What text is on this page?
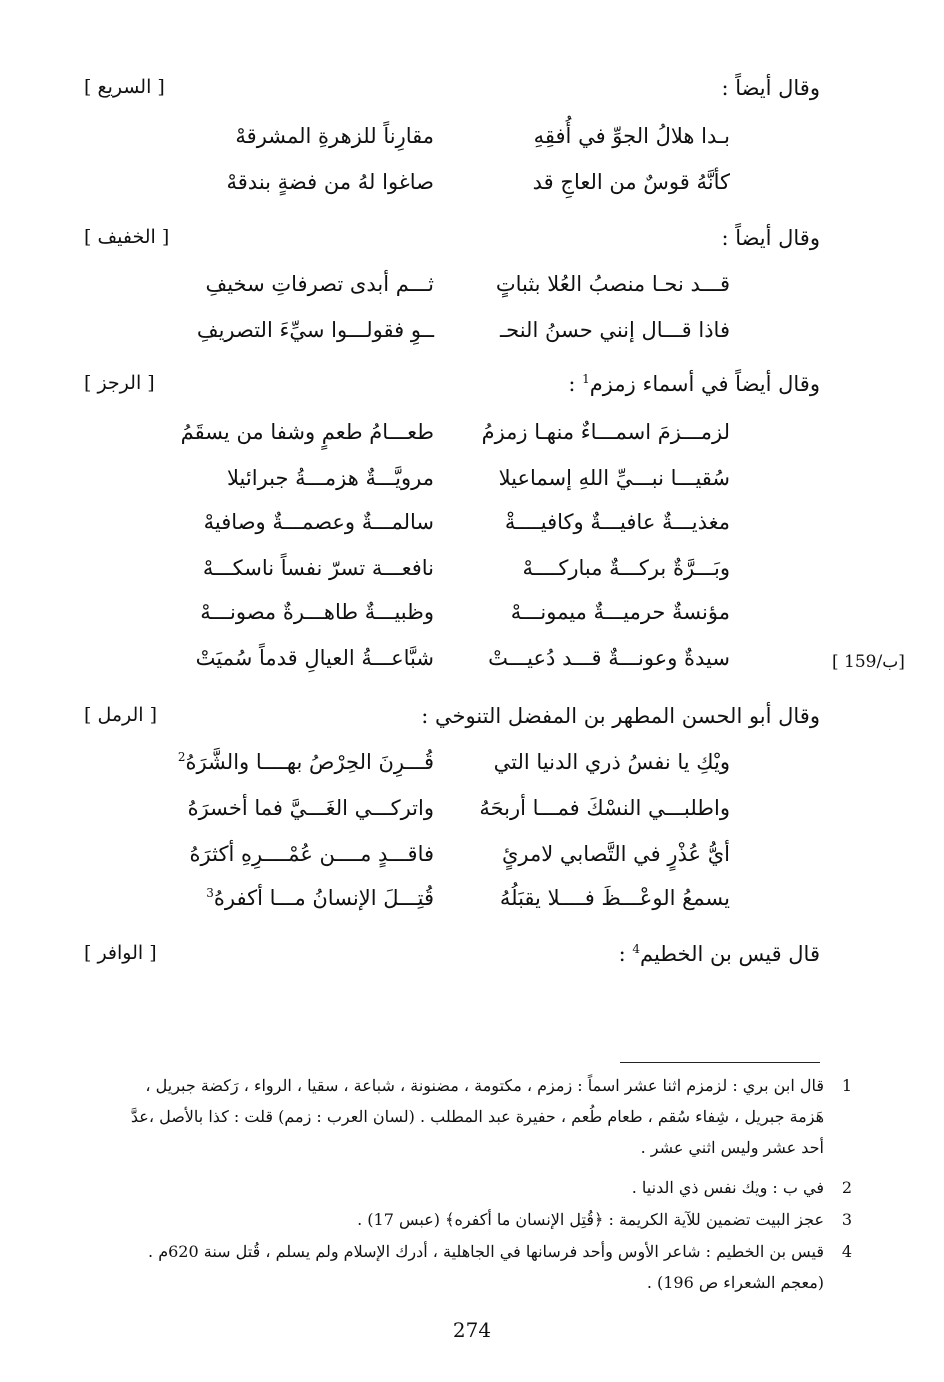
وقال أيضاً :
[ السريع ]
بـدا هلالُ الجوِّ في أُفقِهِ
مقارِناً للزهرةِ المشرقهْ
كأنَّهُ قوسٌ من العاجِ قد
صاغوا لهُ من فضةٍ بندقهْ
وقال أيضاً :
[ الخفيف ]
قـــد نحـا منصبُ العُلا بثباتٍ
ثـــم أبدى تصرفاتِ سخيفِ
فاذا قـــال إنني حسنُ النحـ
ــوِ فقولـــوا سيِّءَ التصريفِ
وقال أيضاً في أسماء زمزم$^1$ :
[ الرجز ]
لزمـــزمَ اسمـــاءٌ منهـا زمزمُ
طعـــامُ طعمٍ وشفا من يسقَمُ
سُقيـــا نبـــيِّ اللهِ إسماعيلا
مرويَّـــةٌ هزمـــةُ جبرائيلا
مغذيـــةٌ عافيـــةٌ وكافيــــةْ
سالمـــةٌ وعصمـــةٌ وصافيهْ
وبَـــرَّةٌ بركـــةٌ مباركــــهْ
نافعـــة تسرّ نفساً ناسكـــهْ
مؤنسةٌ حرميـــةٌ ميمونـــهْ
وظبيـــةٌ طاهـــرةٌ مصونـــهْ
سيدةٌ وعونـــةٌ قـــد دُعيـــتْ
شبَّاعـــةُ العيالِ قدماً سُميَتْ	[ 159/ب]
وقال أبو الحسن المطهر بن المفضل التنوخي :
[ الرمل ]
ويْكِ يا نفسُ ذري الدنيا التي
قُـــرِنَ الحِرْصُ بهــــا والشَّرَهُ$^2$
واطلبـــي النسْكَ فمـــا أربحَهُ
واتركـــي الغَـــيَّ فما أخسرَهُ
أيُّ عُذْرٍ في التَّصابي لامرئٍ
فاقـــدٍ مــــن عُمْــــرِهِ أكثرَهُ
يسمعُ الوعْـــظَ فــــلا يقبَلُهُ
قُتِـــلَ الإنسانُ مـــا أكفرهُ$^3$
قال قيس بن الخطيم$^4$ :
[ الوافر ]
1
قال ابن بري : لزمزم اثنا عشر اسماً : زمزم ، مكتومة ، مضنونة ، شباعة ، سقيا ، الرواء ، رَكضة جبريل ،
هَزمة جبريل ، شِفاء سُقم ، طعام طُعم ، حفيرة عبد المطلب . (لسان العرب : زمم) قلت : كذا بالأصل ،عدَّ
أحد عشر وليس اثني عشر .
2
في ب : ويك نفس ذي الدنيا .
3
عجز البيت تضمين للآية الكريمة : ﴿قُتِل الإنسان ما أكفره﴾ (عبس 17) .
4
قيس بن الخطيم : شاعر الأوس وأحد فرسانها في الجاهلية ، أدرك الإسلام ولم يسلم ، قُتل سنة 620م .
(معجم الشعراء ص 196) .
274
